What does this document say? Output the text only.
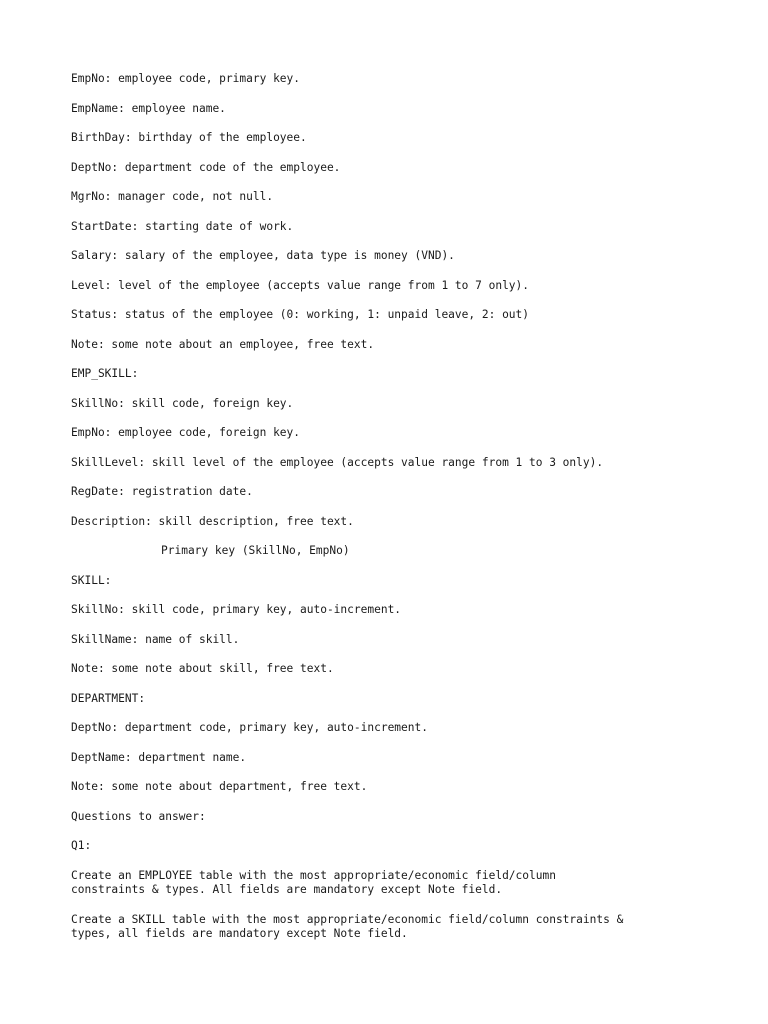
EmpNo: employee code, primary key.

EmpName: employee name.

BirthDay: birthday of the employee.

DeptNo: department code of the employee.

MgrNo: manager code, not null.

StartDate: starting date of work.

Salary: salary of the employee, data type is money (VND).

Level: level of the employee (accepts value range from 1 to 7 only).

Status: status of the employee (0: working, 1: unpaid leave, 2: out)

Note: some note about an employee, free text.

EMP_SKILL:

SkillNo: skill code, foreign key.

EmpNo: employee code, foreign key.

SkillLevel: skill level of the employee (accepts value range from 1 to 3 only).

RegDate: registration date.

Description: skill description, free text.

Primary key (SkillNo, EmpNo)

SKILL:

SkillNo: skill code, primary key, auto-increment.

SkillName: name of skill.

Note: some note about skill, free text.

DEPARTMENT:

DeptNo: department code, primary key, auto-increment.

DeptName: department name.

Note: some note about department, free text.

Questions to answer:

Q1:

Create an EMPLOYEE table with the most appropriate/economic field/column
constraints & types. All fields are mandatory except Note field.

Create a SKILL table with the most appropriate/economic field/column constraints &
types, all fields are mandatory except Note field.
